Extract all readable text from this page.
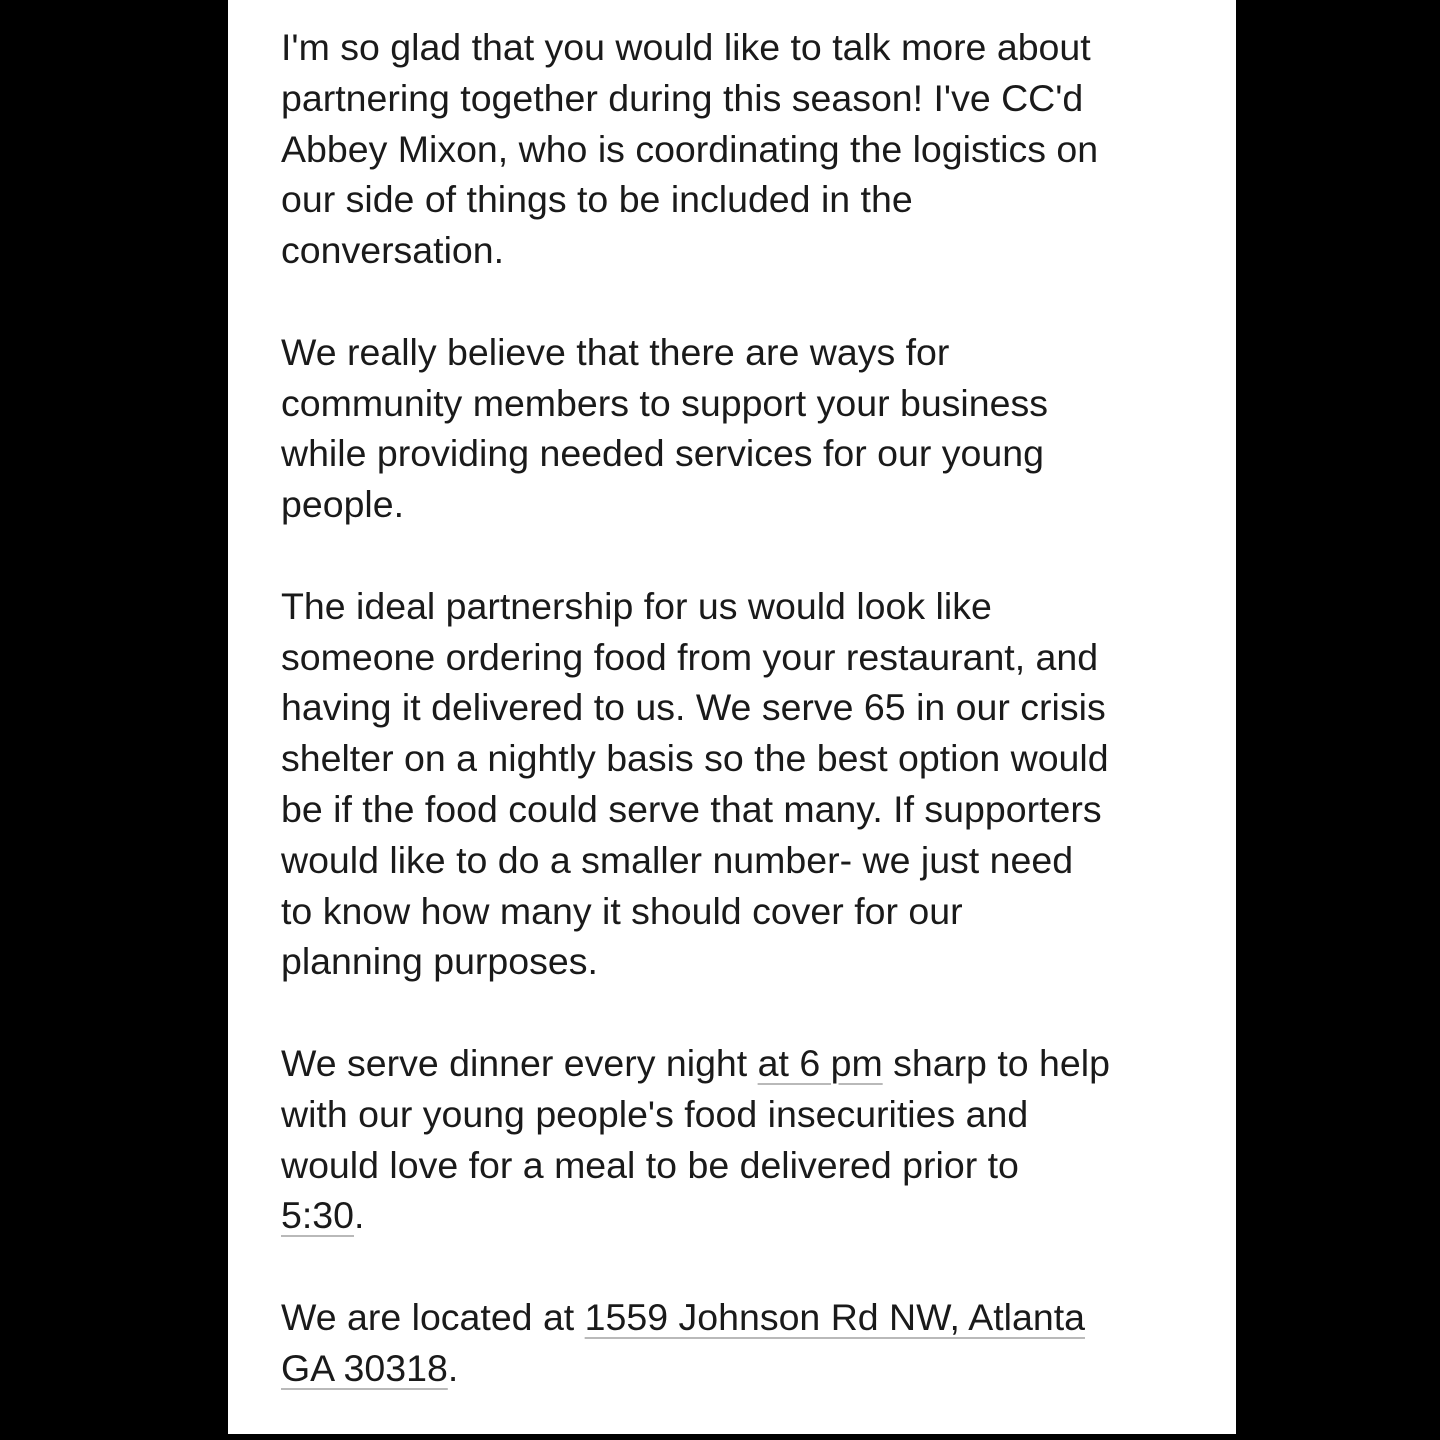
I'm so glad that you would like to talk more about
partnering together during this season! I've CC'd
Abbey Mixon, who is coordinating the logistics on
our side of things to be included in the
conversation.

We really believe that there are ways for
community members to support your business
while providing needed services for our young
people.

The ideal partnership for us would look like
someone ordering food from your restaurant, and
having it delivered to us. We serve 65 in our crisis
shelter on a nightly basis so the best option would
be if the food could serve that many. If supporters
would like to do a smaller number- we just need
to know how many it should cover for our
planning purposes.

We serve dinner every night at 6 pm sharp to help
with our young people's food insecurities and
would love for a meal to be delivered prior to
5:30.

We are located at 1559 Johnson Rd NW, Atlanta
GA 30318.
